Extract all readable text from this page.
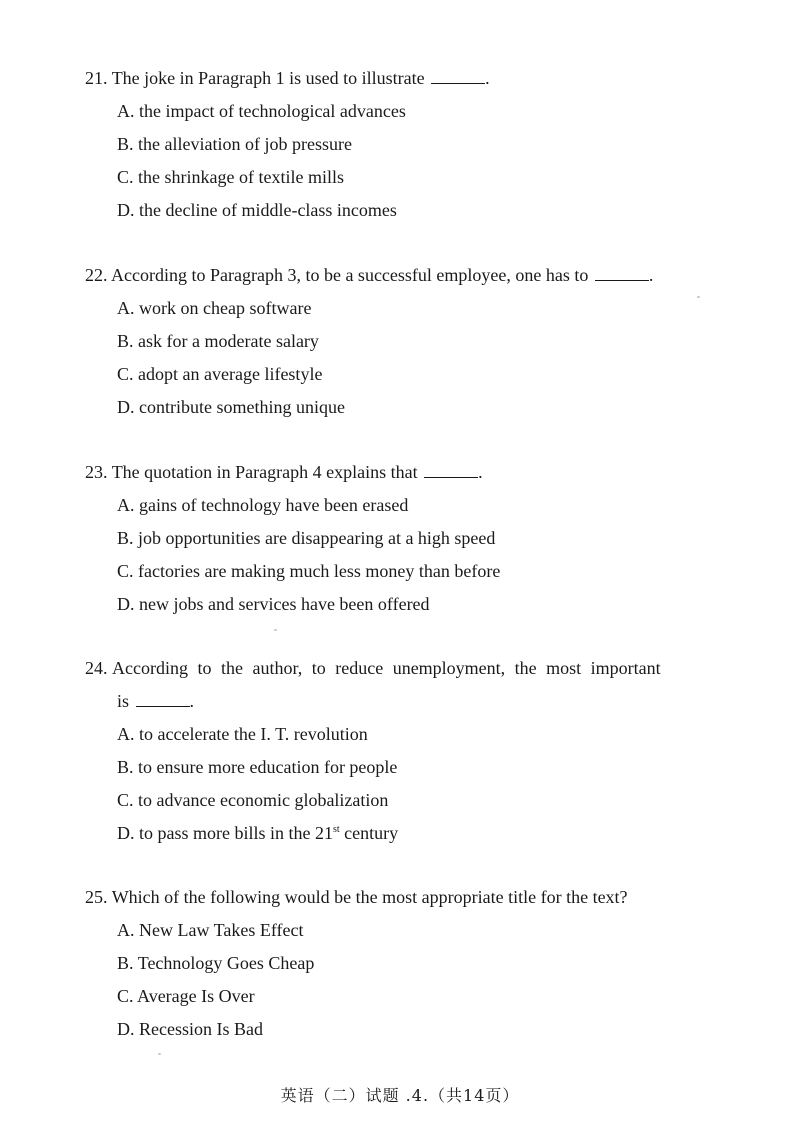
21. The joke in Paragraph 1 is used to illustrate	.

A. the impact of technological advances
B. the alleviation of job pressure
C. the shrinkage of textile mills
D. the decline of middle-class incomes

22. According to Paragraph 3, to be a successful employee, one has to	.

A. work on cheap software
B. ask for a moderate salary
C. adopt an average lifestyle
D. contribute something unique

23. The quotation in Paragraph 4 explains that	.

A. gains of technology have been erased
B. job opportunities are disappearing at a high speed
C. factories are making much less money than before
D. new jobs and services have been offered

24. According to the author, to reduce unemployment, the most important

is	.
A. to accelerate the I. T. revolution
B. to ensure more education for people
C. to advance economic globalization
D. to pass more bills in the 21st century

25. Which of the following would be the most appropriate title for the text?

A. New Law Takes Effect
B. Technology Goes Cheap
C. Average Is Over
D. Recession Is Bad
英语（二）试题 .4.（共14页）
